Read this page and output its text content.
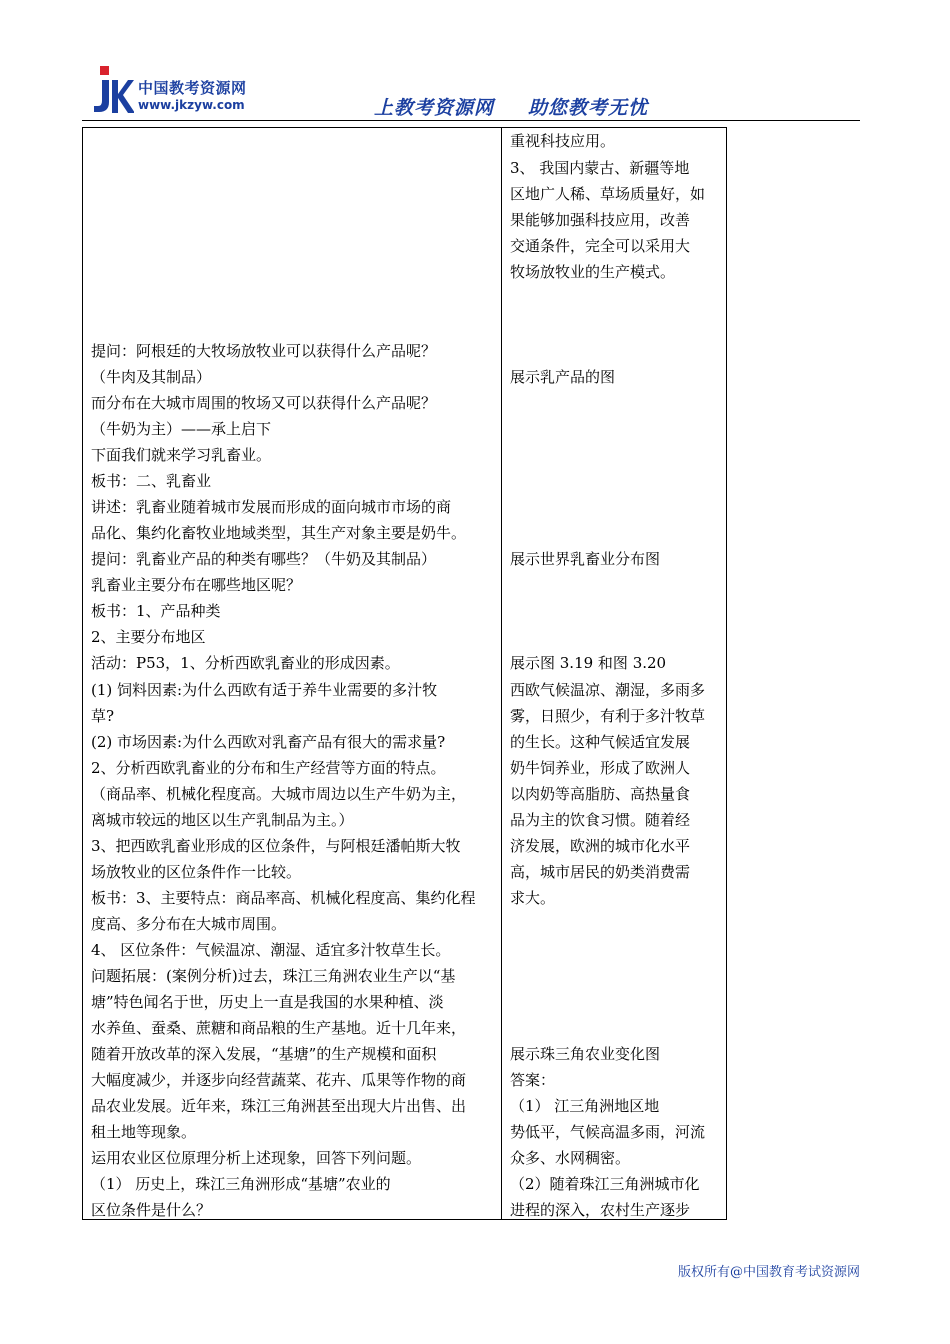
中国教考资源网
www.jkzyw.com	上教考资源网 助您教考无忧
提问：阿根廷的大牧场放牧业可以获得什么产品呢？
（牛肉及其制品）
而分布在大城市周围的牧场又可以获得什么产品呢？
（牛奶为主）——承上启下
下面我们就来学习乳畜业。
板书：二、乳畜业
讲述：乳畜业随着城市发展而形成的面向城市市场的商
品化、集约化畜牧业地域类型，其生产对象主要是奶牛。
提问：乳畜业产品的种类有哪些？（牛奶及其制品）
乳畜业主要分布在哪些地区呢？
板书：1、产品种类
2、主要分布地区
活动：P53，1、分析西欧乳畜业的形成因素。
(1) 饲料因素:为什么西欧有适于养牛业需要的多汁牧
草?
(2) 市场因素:为什么西欧对乳畜产品有很大的需求量?
2、分析西欧乳畜业的分布和生产经营等方面的特点。
（商品率、机械化程度高。大城市周边以生产牛奶为主，
离城市较远的地区以生产乳制品为主。）
3、把西欧乳畜业形成的区位条件，与阿根廷潘帕斯大牧
场放牧业的区位条件作一比较。
板书：3、主要特点：商品率高、机械化程度高、集约化程
度高、多分布在大城市周围。
4、 区位条件：气候温凉、潮湿、适宜多汁牧草生长。
问题拓展：(案例分析)过去，珠江三角洲农业生产以“基
塘”特色闻名于世，历史上一直是我国的水果种植、淡
水养鱼、蚕桑、蔗糖和商品粮的生产基地。近十几年来，
随着开放改革的深入发展，“基塘”的生产规模和面积
大幅度减少，并逐步向经营蔬菜、花卉、瓜果等作物的商
品农业发展。近年来，珠江三角洲甚至出现大片出售、出
租土地等现象。
运用农业区位原理分析上述现象，回答下列问题。
（1） 历史上，珠江三角洲形成“基塘”农业的
区位条件是什么？
重视科技应用。
3、 我国内蒙古、新疆等地
区地广人稀、草场质量好，如
果能够加强科技应用，改善
交通条件，完全可以采用大
牧场放牧业的生产模式。
展示乳产品的图
展示世界乳畜业分布图
展示图 3.19 和图 3.20
西欧气候温凉、潮湿，多雨多
雾，日照少，有利于多汁牧草
的生长。这种气候适宜发展
奶牛饲养业，形成了欧洲人
以肉奶等高脂肪、高热量食
品为主的饮食习惯。随着经
济发展，欧洲的城市化水平
高，城市居民的奶类消费需
求大。
展示珠三角农业变化图
答案：
（1） 江三角洲地区地
势低平，气候高温多雨，河流
众多、水网稠密。
（2）随着珠江三角洲城市化
进程的深入，农村生产逐步
版权所有@中国教育考试资源网
